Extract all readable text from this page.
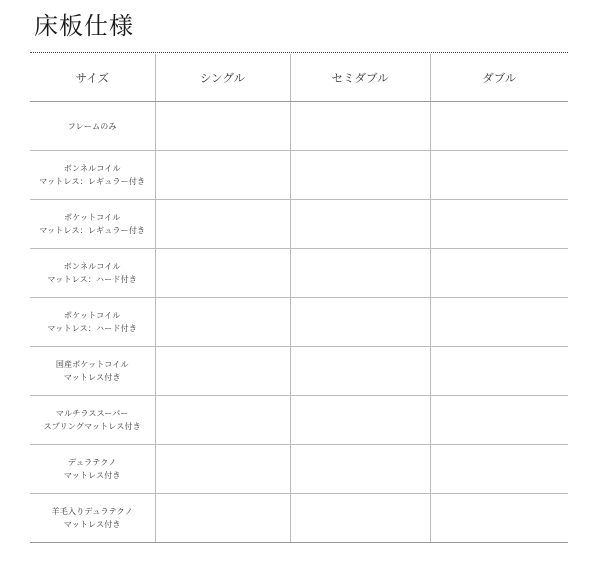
床板仕様
サイズ	シングル	セミダブル	ダブル

フレームのみ			

ボンネルコイル
マットレス：レギュラー付き			

ポケットコイル
マットレス：レギュラー付き			

ボンネルコイル
マットレス：ハード付き			

ポケットコイル
マットレス：ハード付き			

国産ポケットコイル
マットレス付き			

マルチラススーパー
スプリングマットレス付き			

デュラテクノ
マットレス付き			

羊毛入りデュラテクノ
マットレス付き			
